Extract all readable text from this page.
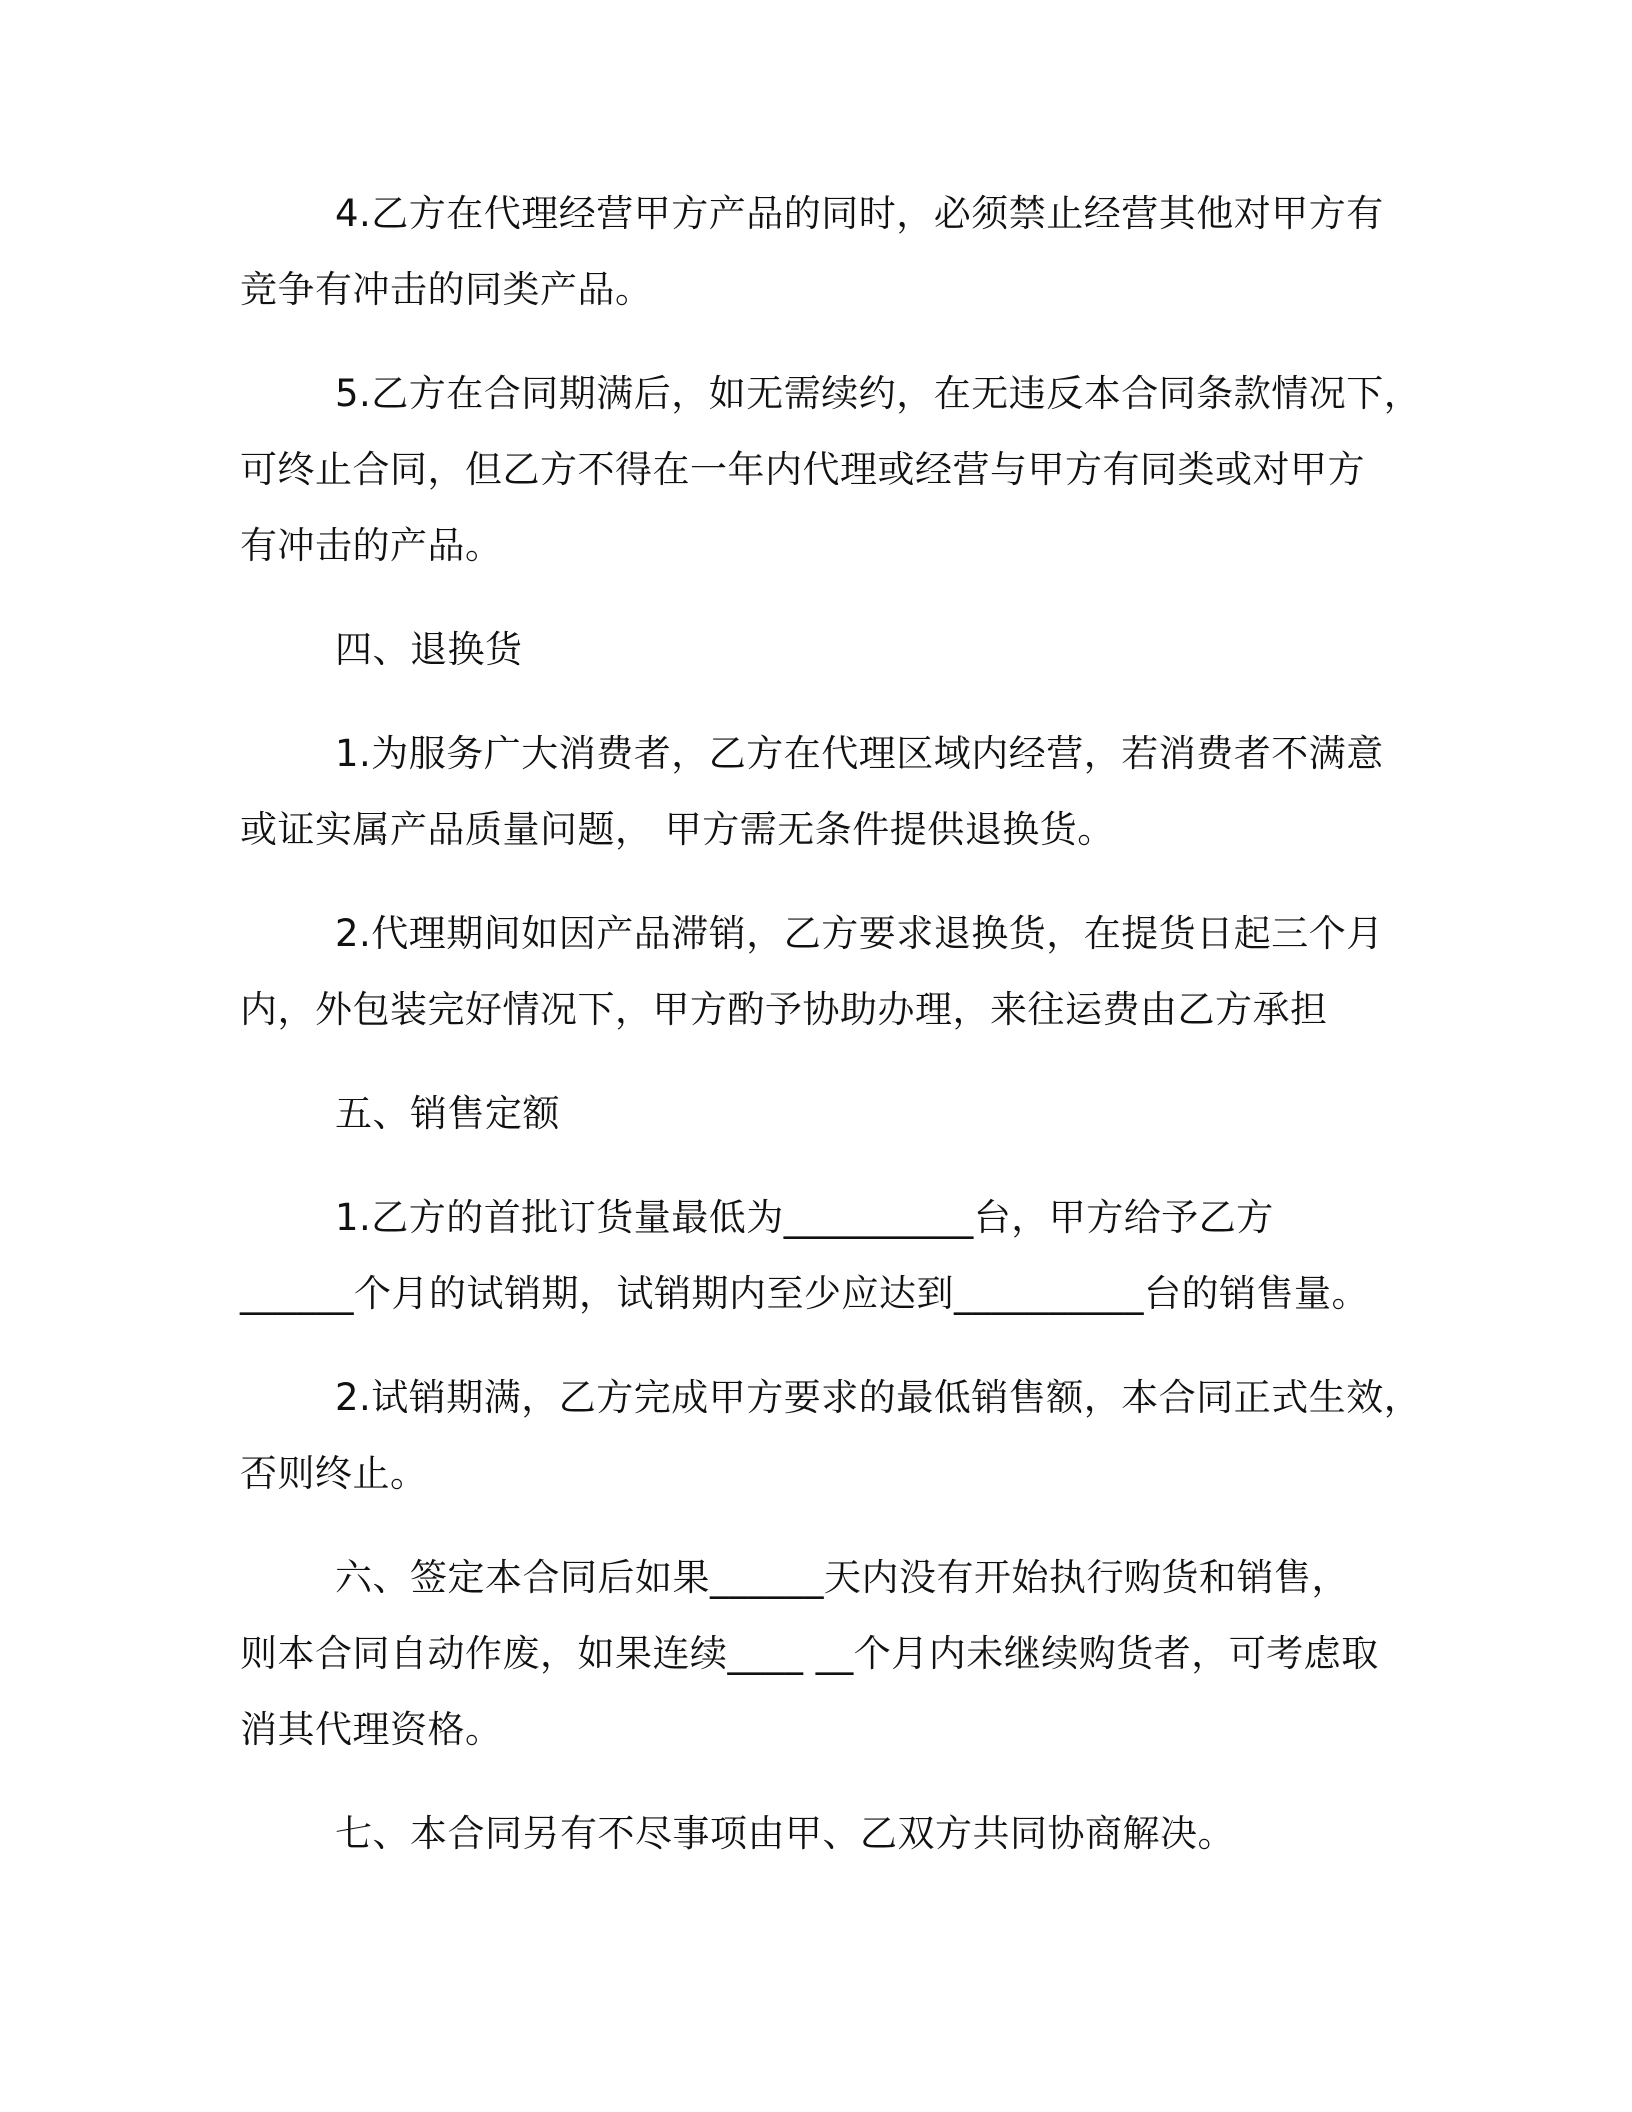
4.乙方在代理经营甲方产品的同时，必须禁止经营其他对甲方有

竞争有冲击的同类产品。

5.乙方在合同期满后，如无需续约，在无违反本合同条款情况下，

可终止合同，但乙方不得在一年内代理或经营与甲方有同类或对甲方

有冲击的产品。

四、退换货

1.为服务广大消费者，乙方在代理区域内经营，若消费者不满意

或证实属产品质量问题， 甲方需无条件提供退换货。

2.代理期间如因产品滞销，乙方要求退换货，在提货日起三个月

内，外包装完好情况下，甲方酌予协助办理，来往运费由乙方承担

五、销售定额

1.乙方的首批订货量最低为__________台，甲方给予乙方

______个月的试销期，试销期内至少应达到__________台的销售量。

2.试销期满，乙方完成甲方要求的最低销售额，本合同正式生效，

否则终止。

六、签定本合同后如果______天内没有开始执行购货和销售，

则本合同自动作废，如果连续____ __个月内未继续购货者，可考虑取

消其代理资格。

七、本合同另有不尽事项由甲、乙双方共同协商解决。
